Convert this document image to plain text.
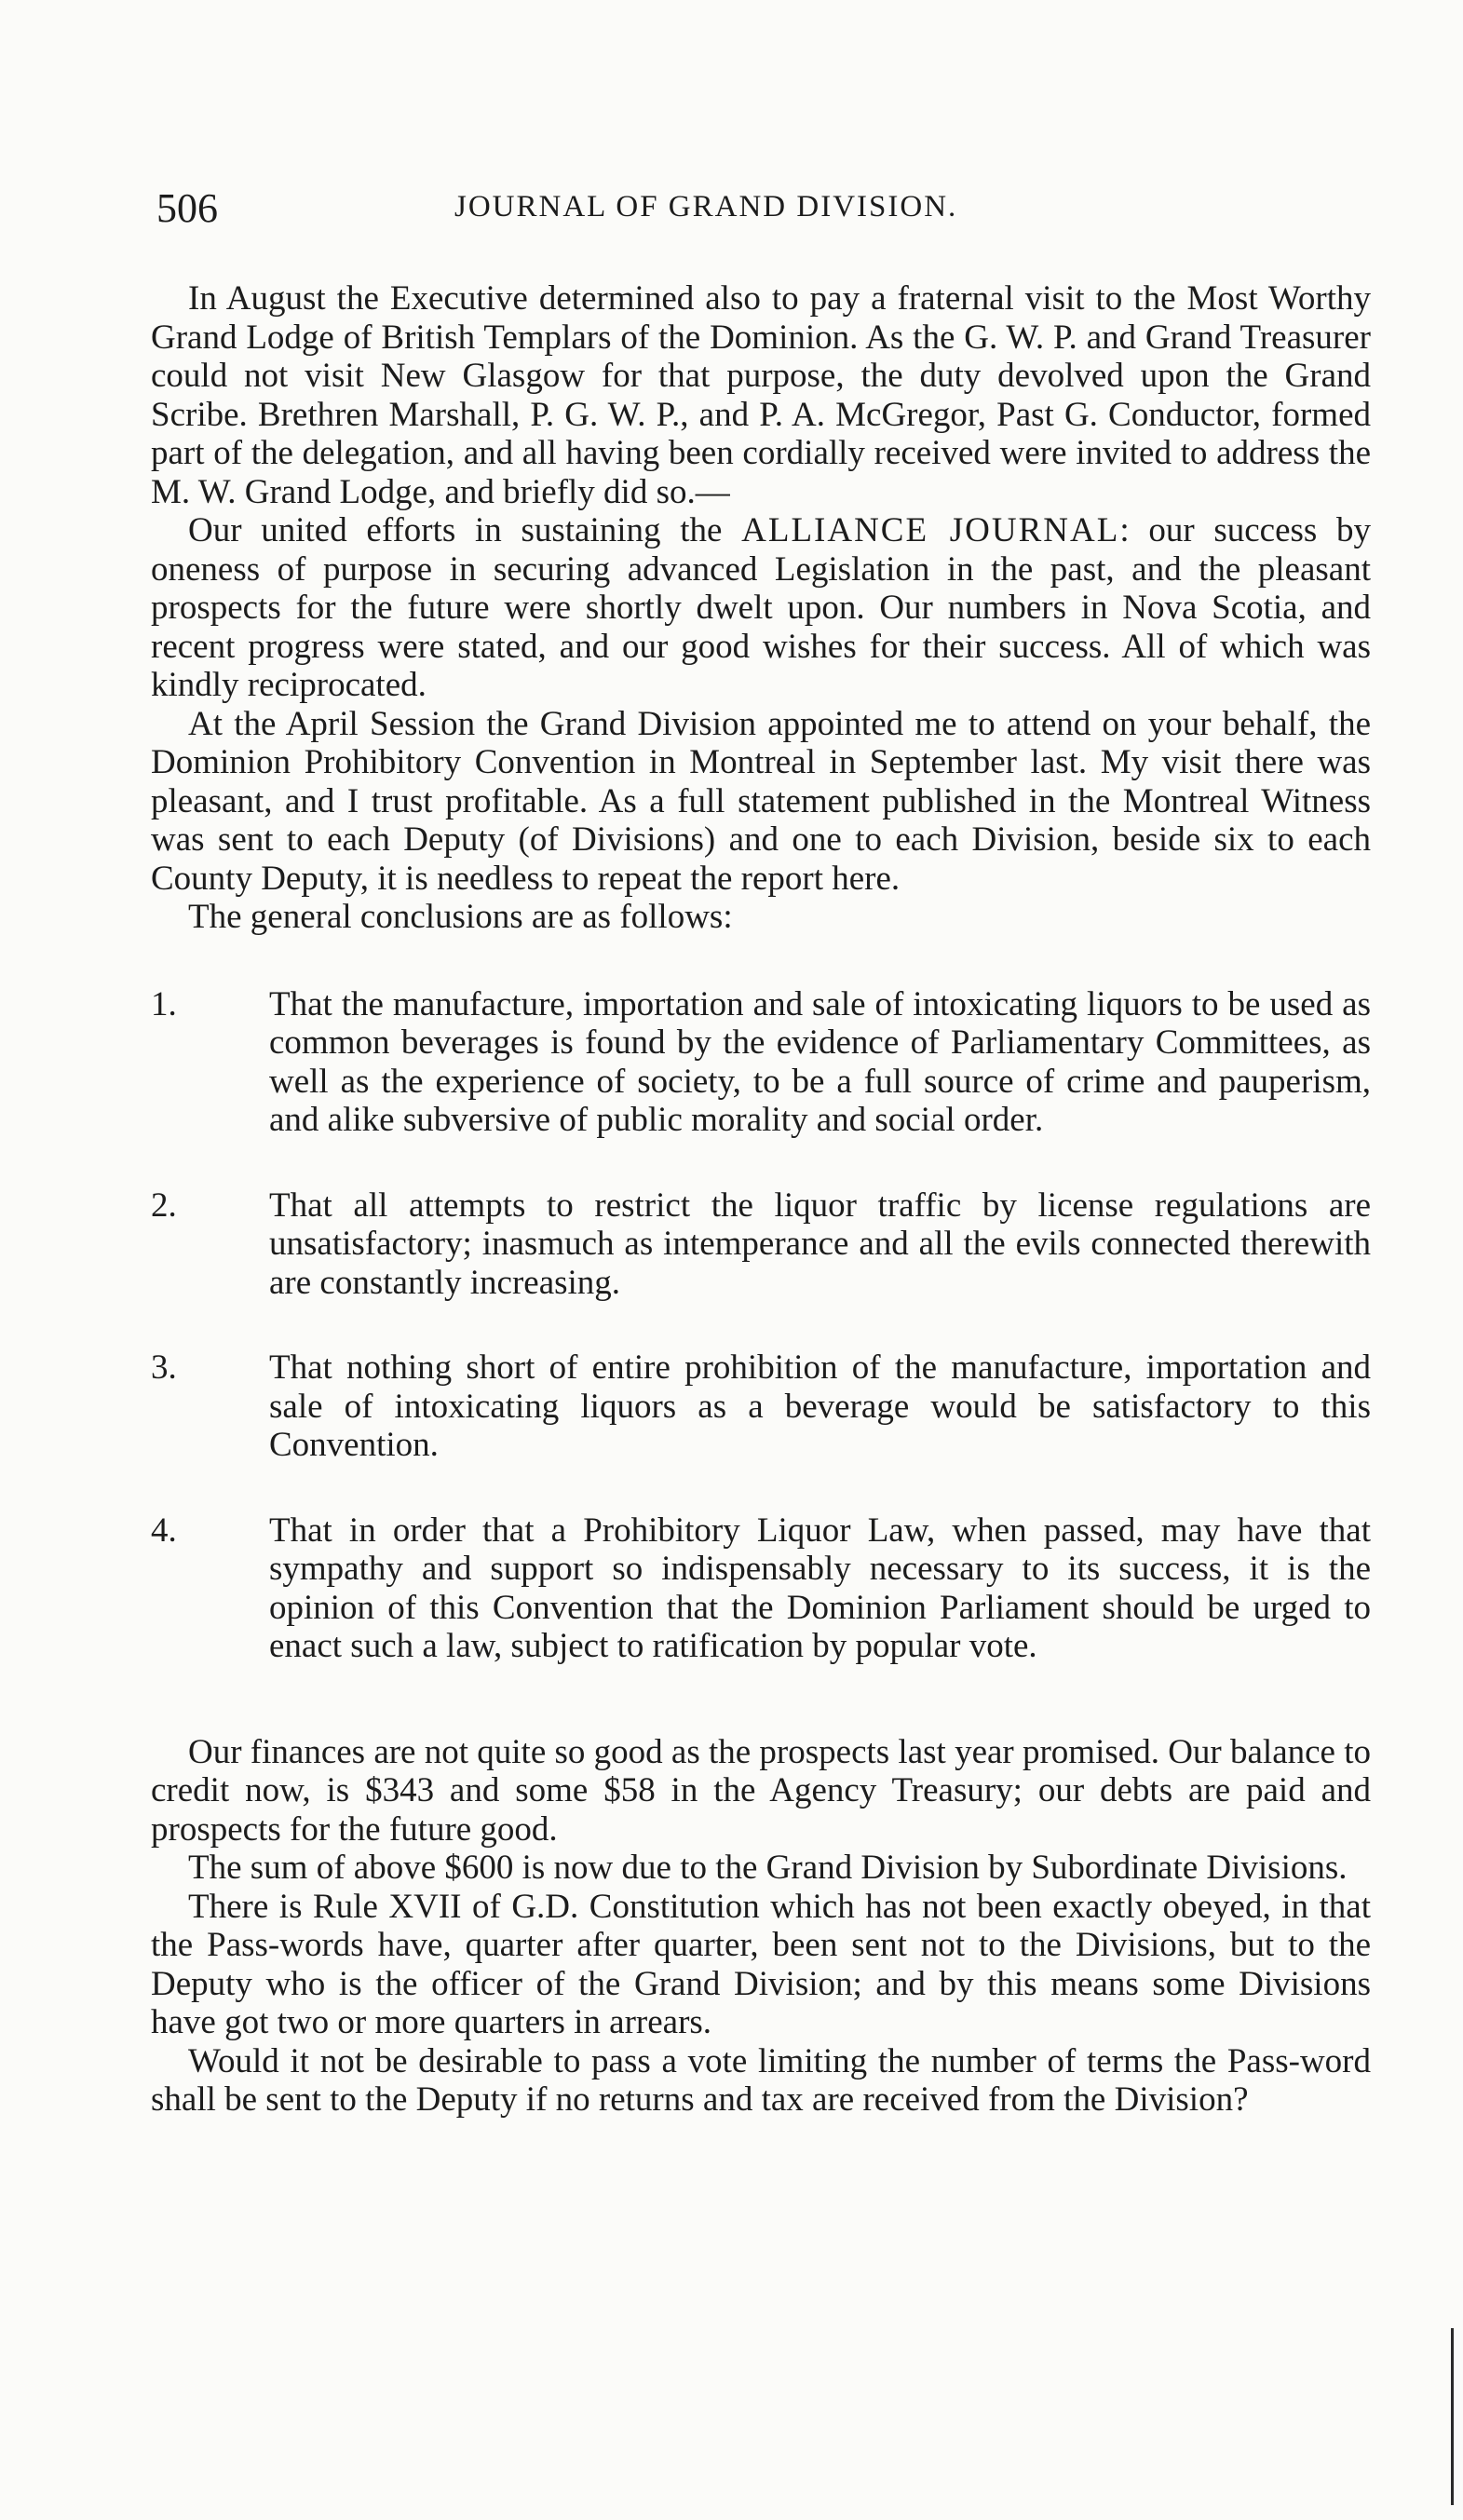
506	JOURNAL OF GRAND DIVISION.

In August the Executive determined also to pay a fraternal visit to the Most Worthy Grand Lodge of British Templars of the Dominion. As the G. W. P. and Grand Treasurer could not visit New Glasgow for that purpose, the duty devolved upon the Grand Scribe. Brethren Marshall, P. G. W. P., and P. A. McGregor, Past G. Conductor, formed part of the delegation, and all having been cordially received were invited to address the M. W. Grand Lodge, and briefly did so.—

Our united efforts in sustaining the ALLIANCE JOURNAL: our success by oneness of purpose in securing advanced Legislation in the past, and the pleasant prospects for the future were shortly dwelt upon. Our numbers in Nova Scotia, and recent progress were stated, and our good wishes for their success. All of which was kindly reciprocated.

At the April Session the Grand Division appointed me to attend on your behalf, the Dominion Prohibitory Convention in Montreal in September last. My visit there was pleasant, and I trust profitable. As a full statement published in the Montreal Witness was sent to each Deputy (of Divisions) and one to each Division, beside six to each County Deputy, it is needless to repeat the report here.

The general conclusions are as follows:

1.	That the manufacture, importation and sale of intoxicating liquors to be used as common beverages is found by the evidence of Parliamentary Committees, as well as the experience of society, to be a full source of crime and pauperism, and alike subversive of public morality and social order.
2.	That all attempts to restrict the liquor traffic by license regulations are unsatisfactory; inasmuch as intemperance and all the evils connected therewith are constantly increasing.
3.	That nothing short of entire prohibition of the manufacture, importation and sale of intoxicating liquors as a beverage would be satisfactory to this Convention.
4.	That in order that a Prohibitory Liquor Law, when passed, may have that sympathy and support so indispensably necessary to its success, it is the opinion of this Convention that the Dominion Parliament should be urged to enact such a law, subject to ratification by popular vote.

Our finances are not quite so good as the prospects last year promised. Our balance to credit now, is $343 and some $58 in the Agency Treasury; our debts are paid and prospects for the future good.

The sum of above $600 is now due to the Grand Division by Subordinate Divisions.

There is Rule XVII of G.D. Constitution which has not been exactly obeyed, in that the Pass-words have, quarter after quarter, been sent not to the Divisions, but to the Deputy who is the officer of the Grand Division; and by this means some Divisions have got two or more quarters in arrears.

Would it not be desirable to pass a vote limiting the number of terms the Pass-word shall be sent to the Deputy if no returns and tax are received from the Division?
